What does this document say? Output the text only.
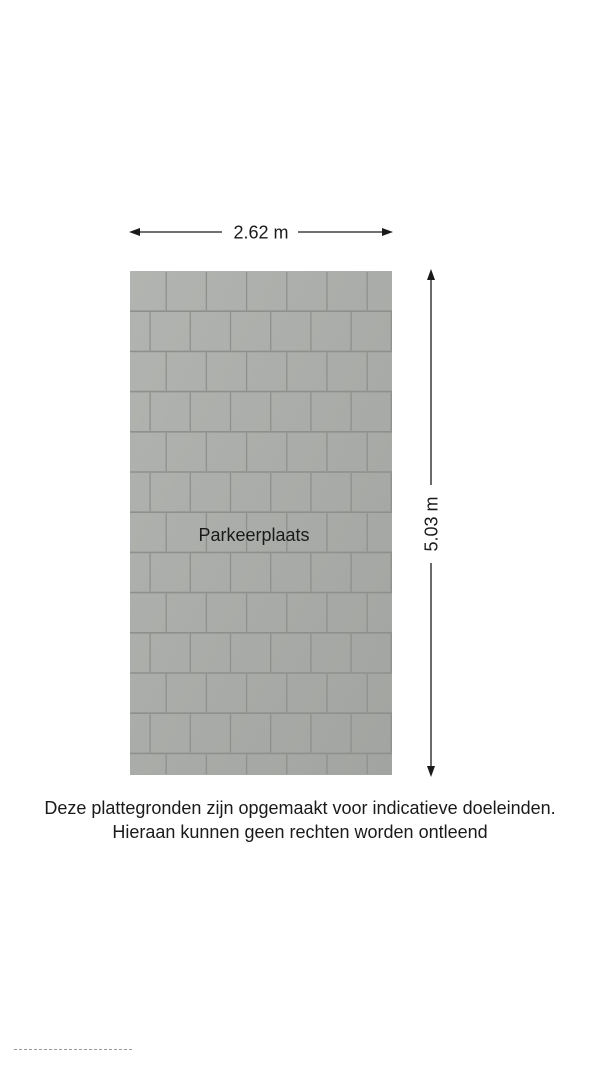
2.62 m
5.03 m
Parkeerplaats
Deze plattegronden zijn opgemaakt voor indicatieve doeleinden.
Hieraan kunnen geen rechten worden ontleend
